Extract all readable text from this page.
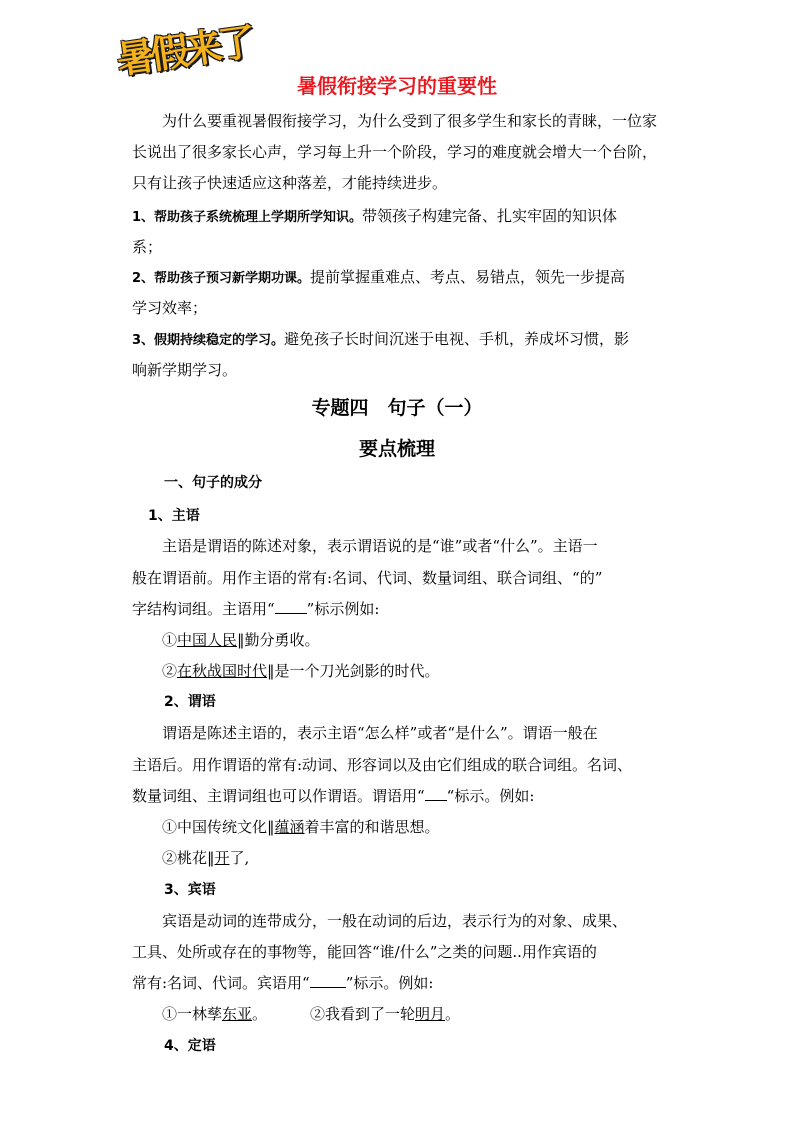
暑假来了
暑假衔接学习的重要性
为什么要重视暑假衔接学习，为什么受到了很多学生和家长的青睐，一位家
长说出了很多家长心声，学习每上升一个阶段，学习的难度就会增大一个台阶，
只有让孩子快速适应这种落差，才能持续进步。
1、帮助孩子系统梳理上学期所学知识。带领孩子构建完备、扎实牢固的知识体
系；
2、帮助孩子预习新学期功课。提前掌握重难点、考点、易错点，领先一步提高
学习效率；
3、假期持续稳定的学习。避免孩子长时间沉迷于电视、手机，养成坏习惯，影
响新学期学习。
专题四　句子（一）
要点梳理
一、句子的成分
1、主语
主语是谓语的陈述对象，表示谓语说的是“谁”或者“什么”。主语一
般在谓语前。用作主语的常有:名词、代词、数量词组、联合词组、“的”
字结构词组。主语用“ ”标示例如:
①中国人民‖勤分勇收。
②在秋战国时代‖是一个刀光剑影的时代。
2、谓语
谓语是陈述主语的，表示主语“怎么样”或者“是什么”。谓语一般在
主语后。用作谓语的常有:动词、形容词以及由它们组成的联合词组。名词、
数量词组、主谓词组也可以作谓语。谓语用“ “标示。例如:
①中国传统文化‖蕴涵着丰富的和谐思想。
②桃花‖开了,
3、宾语
宾语是动词的连带成分，一般在动词的后边，表示行为的对象、成果、
工具、处所或存在的事物等，能回答“谁/什么”之类的问题..用作宾语的
常有:名词、代词。宾语用“ ”标示。例如:
①一林孳东亚。	②我看到了一轮明月。
4、定语
